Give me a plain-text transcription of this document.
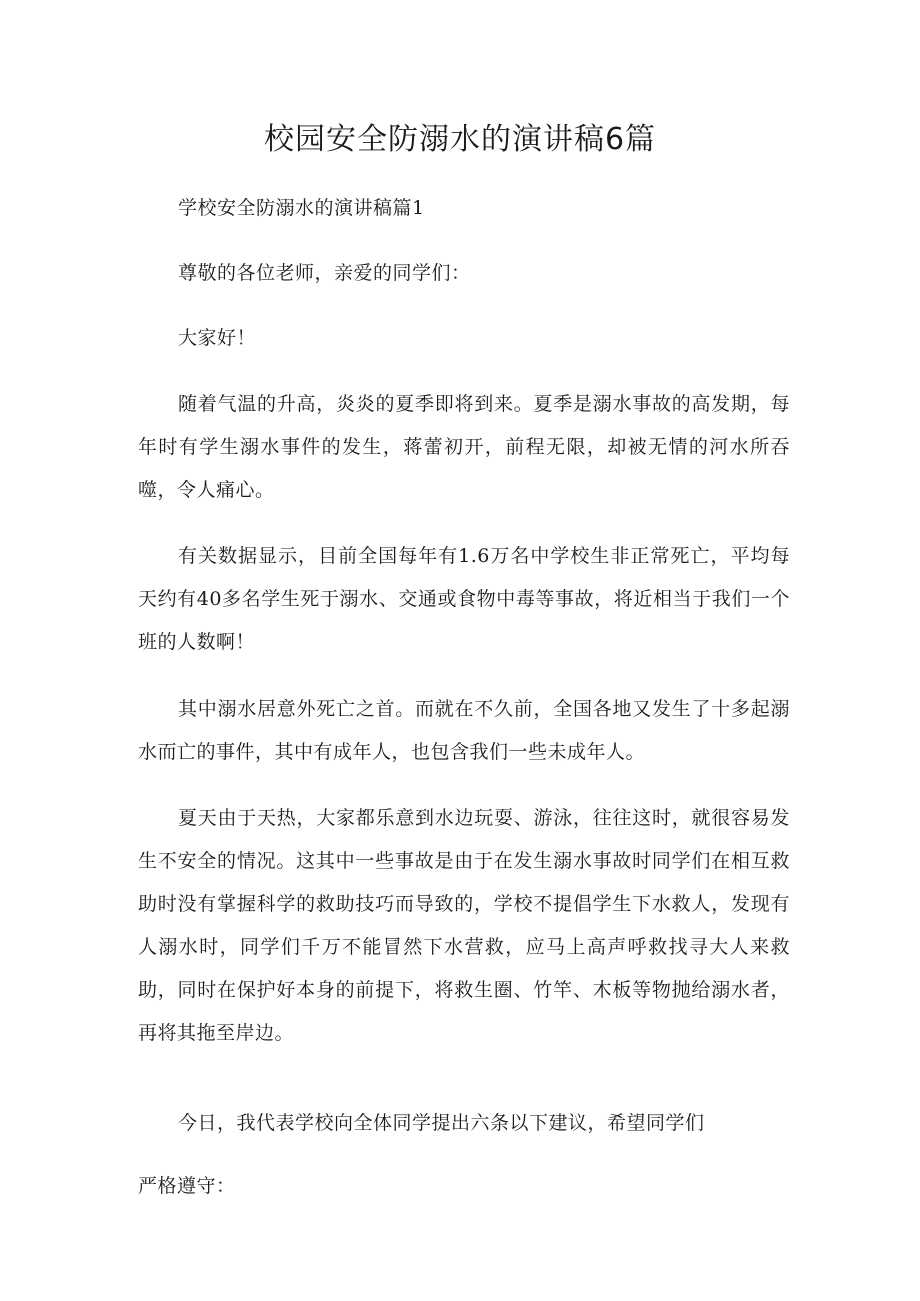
校园安全防溺水的演讲稿6篇

学校安全防溺水的演讲稿篇1

尊敬的各位老师，亲爱的同学们：

大家好！

随着气温的升高，炎炎的夏季即将到来。夏季是溺水事故的高发期，每年时有学生溺水事件的发生，蒋蕾初开，前程无限，却被无情的河水所吞噬，令人痛心。

有关数据显示，目前全国每年有1.6万名中学校生非正常死亡，平均每天约有40多名学生死于溺水、交通或食物中毒等事故，将近相当于我们一个班的人数啊！

其中溺水居意外死亡之首。而就在不久前，全国各地又发生了十多起溺水而亡的事件，其中有成年人，也包含我们一些未成年人。

夏天由于天热，大家都乐意到水边玩耍、游泳，往往这时，就很容易发生不安全的情况。这其中一些事故是由于在发生溺水事故时同学们在相互救助时没有掌握科学的救助技巧而导致的，学校不提倡学生下水救人，发现有人溺水时，同学们千万不能冒然下水营救，应马上高声呼救找寻大人来救助，同时在保护好本身的前提下，将救生圈、竹竿、木板等物抛给溺水者，再将其拖至岸边。

今日，我代表学校向全体同学提出六条以下建议，希望同学们

严格遵守：
